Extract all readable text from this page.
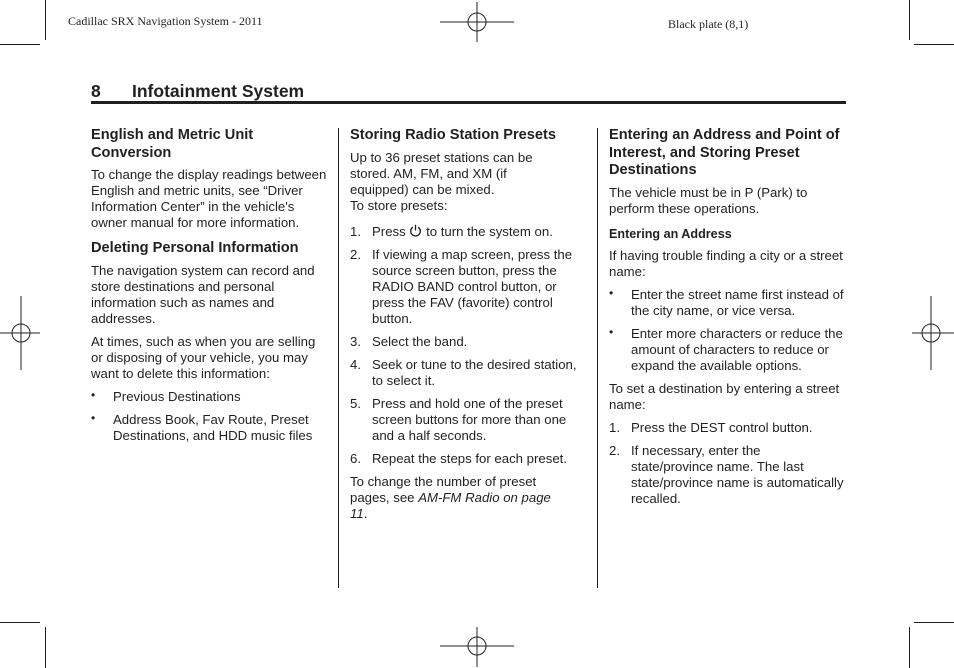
Cadillac SRX Navigation System - 2011	Black plate (8,1)
8 Infotainment System
English and Metric Unit Conversion

To change the display readings between English and metric units, see “Driver Information Center” in the vehicle's owner manual for more information.

Deleting Personal Information

The navigation system can record and store destinations and personal information such as names and addresses.

At times, such as when you are selling or disposing of your vehicle, you may want to delete this information:

• Previous Destinations
• Address Book, Fav Route, Preset Destinations, and HDD music files
Storing Radio Station Presets

Up to 36 preset stations can be stored. AM, FM, and XM (if equipped) can be mixed.
To store presets:

1. Press to turn the system on.
2. If viewing a map screen, press the source screen button, press the RADIO BAND control button, or press the FAV (favorite) control button.
3. Select the band.
4. Seek or tune to the desired station, to select it.
5. Press and hold one of the preset screen buttons for more than one and a half seconds.
6. Repeat the steps for each preset.

To change the number of preset pages, see AM-FM Radio on page 11.

Entering an Address and Point of Interest, and Storing Preset Destinations

The vehicle must be in P (Park) to perform these operations.

Entering an Address

If having trouble finding a city or a street name:

• Enter the street name first instead of the city name, or vice versa.
• Enter more characters or reduce the amount of characters to reduce or expand the available options.

To set a destination by entering a street name:

1. Press the DEST control button.
2. If necessary, enter the state/province name. The last state/province name is automatically recalled.
